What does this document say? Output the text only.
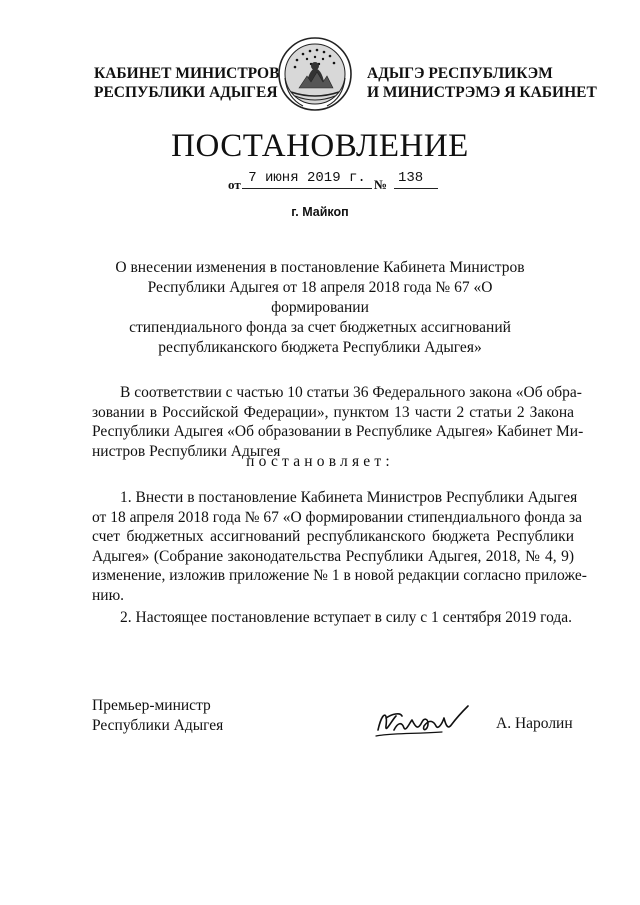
КАБИНЕТ МИНИСТРОВ
РЕСПУБЛИКИ АДЫГЕЯ
АДЫГЭ РЕСПУБЛИКЭМ
И МИНИСТРЭМЭ Я КАБИНЕТ
ПОСТАНОВЛЕНИЕ
от 7 июня 2019 г. № 138
г. Майкоп
О внесении изменения в постановление Кабинета Министров
Республики Адыгея от 18 апреля 2018 года № 67 «О формировании
стипендиального фонда за счет бюджетных ассигнований
республиканского бюджета Республики Адыгея»
В соответствии с частью 10 статьи 36 Федерального закона «Об обра-
зовании в Российской Федерации», пунктом 13 части 2 статьи 2 Закона
Республики Адыгея «Об образовании в Республике Адыгея» Кабинет Ми-
нистров Республики Адыгея
постановляет:
1. Внести в постановление Кабинета Министров Республики Адыгея
от 18 апреля 2018 года № 67 «О формировании стипендиального фонда за
счет бюджетных ассигнований республиканского бюджета Республики
Адыгея» (Собрание законодательства Республики Адыгея, 2018, № 4, 9)
изменение, изложив приложение № 1 в новой редакции согласно приложе-
нию.
2. Настоящее постановление вступает в силу с 1 сентября 2019 года.
Премьер-министр
Республики Адыгея	А. Наролин
